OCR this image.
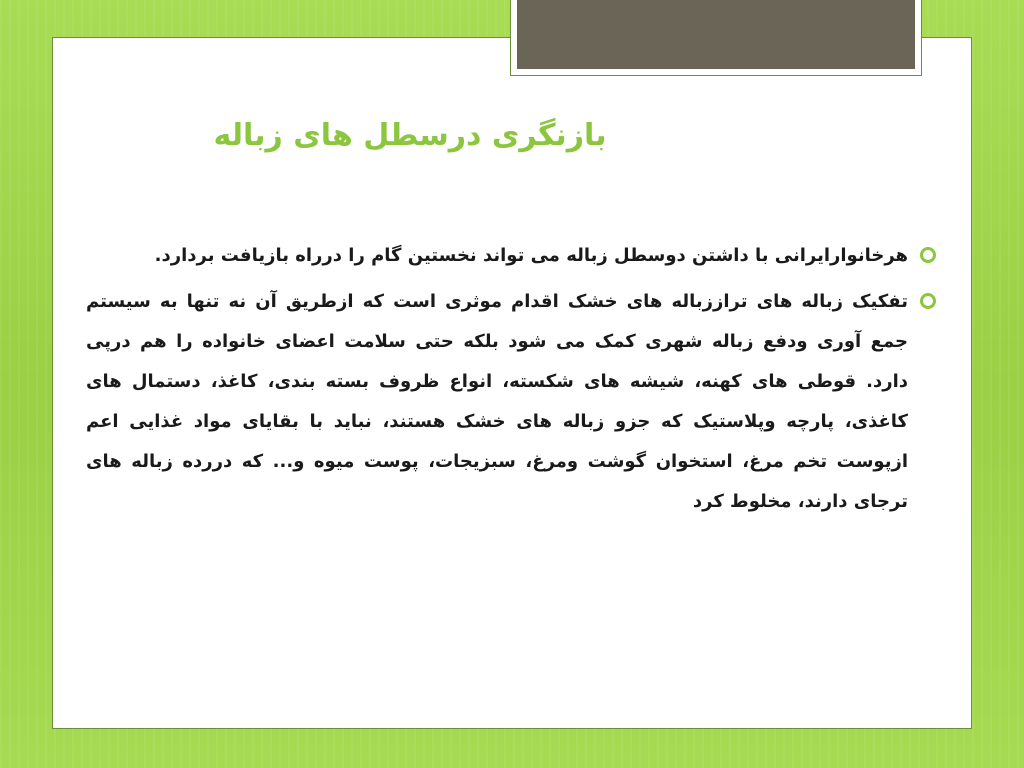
بازنگری درسطل های زباله
هرخانوارایرانی با داشتن دوسطل زباله می تواند نخستین گام را درراه بازیافت بردارد.
تفکیک زباله های تراززباله های خشک اقدام موثری است که ازطریق آن نه تنها به سیستم جمع آوری ودفع زباله شهری کمک می شود بلکه حتی سلامت اعضای خانواده را هم درپی دارد. قوطی های کهنه، شیشه های شکسته، انواع ظروف بسته بندی، کاغذ، دستمال های کاغذی، پارچه وپلاستیک که جزو زباله های خشک هستند، نباید با بقایای مواد غذایی اعم ازپوست تخم مرغ، استخوان گوشت ومرغ، سبزیجات، پوست میوه و... که درردە زباله های ترجای دارند، مخلوط کرد
